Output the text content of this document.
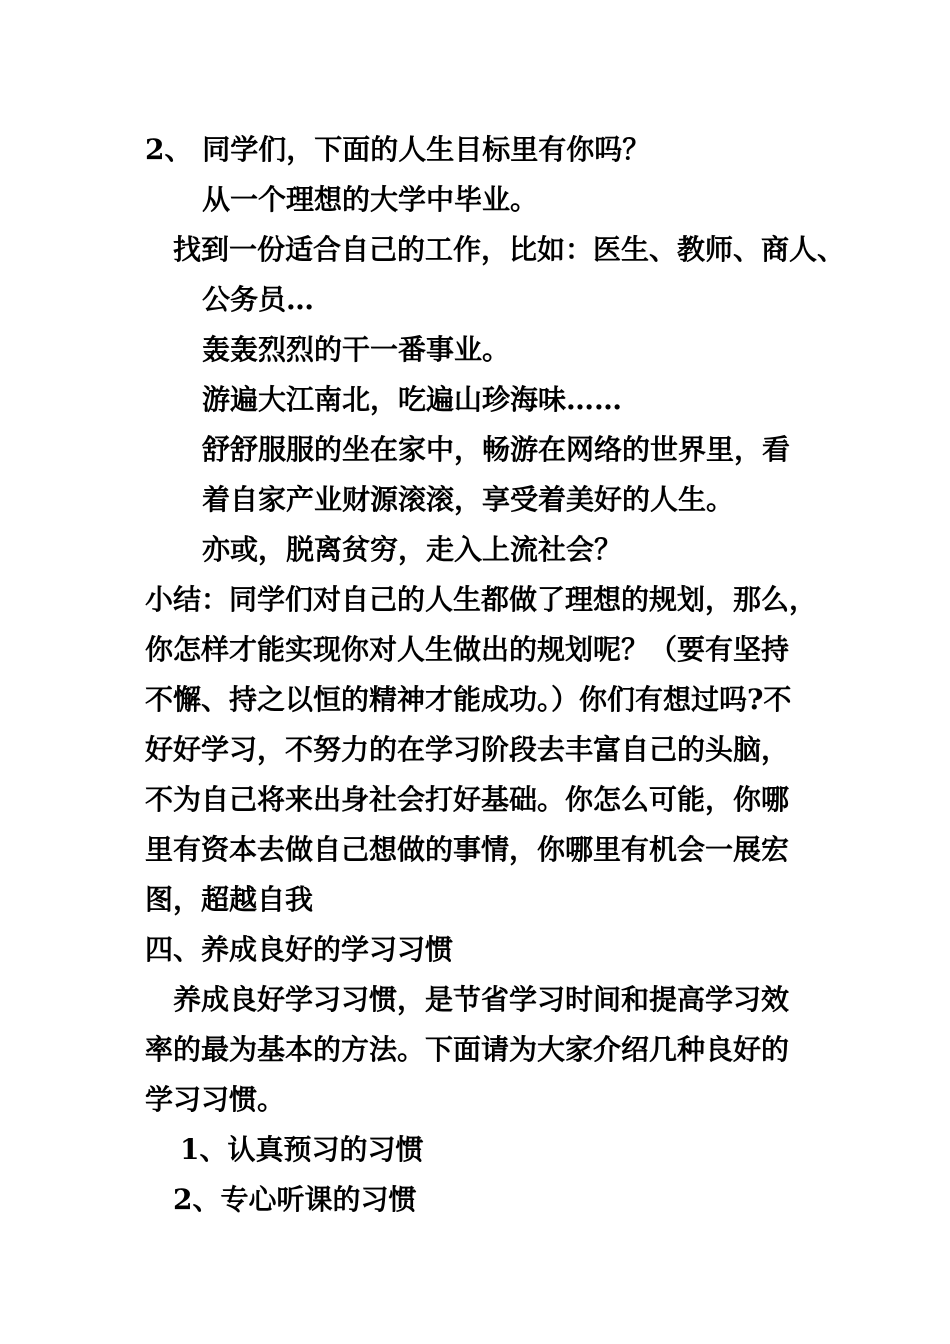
2、 同学们，下面的人生目标里有你吗？
从一个理想的大学中毕业。
找到一份适合自己的工作，比如：医生、教师、商人、
公务员…
轰轰烈烈的干一番事业。
游遍大江南北，吃遍山珍海味……
舒舒服服的坐在家中，畅游在网络的世界里，看
着自家产业财源滚滚，享受着美好的人生。
亦或，脱离贫穷，走入上流社会？
小结：同学们对自己的人生都做了理想的规划，那么，
你怎样才能实现你对人生做出的规划呢？（要有坚持
不懈、持之以恒的精神才能成功。）你们有想过吗?不
好好学习，不努力的在学习阶段去丰富自己的头脑，
不为自己将来出身社会打好基础。你怎么可能，你哪
里有资本去做自己想做的事情，你哪里有机会一展宏
图，超越自我
四、养成良好的学习习惯
养成良好学习习惯，是节省学习时间和提高学习效
率的最为基本的方法。下面请为大家介绍几种良好的
学习习惯。
1、认真预习的习惯
2、专心听课的习惯
